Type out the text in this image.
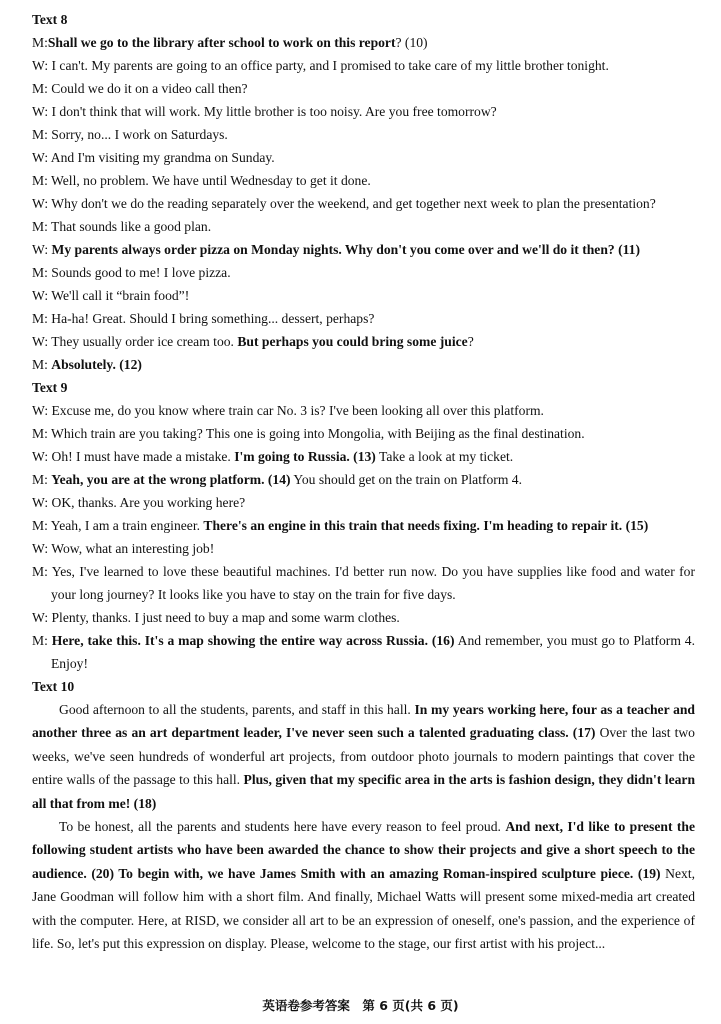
Text 8
M:Shall we go to the library after school to work on this report? (10)
W: I can't. My parents are going to an office party, and I promised to take care of my little brother tonight.
M: Could we do it on a video call then?
W: I don't think that will work. My little brother is too noisy. Are you free tomorrow?
M: Sorry, no... I work on Saturdays.
W: And I'm visiting my grandma on Sunday.
M: Well, no problem. We have until Wednesday to get it done.
W: Why don't we do the reading separately over the weekend, and get together next week to plan the presentation?
M: That sounds like a good plan.
W: My parents always order pizza on Monday nights. Why don't you come over and we'll do it then? (11)
M: Sounds good to me! I love pizza.
W: We'll call it “brain food”!
M: Ha-ha! Great. Should I bring something... dessert, perhaps?
W: They usually order ice cream too. But perhaps you could bring some juice?
M: Absolutely. (12)
Text 9
W: Excuse me, do you know where train car No. 3 is? I've been looking all over this platform.
M: Which train are you taking? This one is going into Mongolia, with Beijing as the final destination.
W: Oh! I must have made a mistake. I'm going to Russia. (13) Take a look at my ticket.
M: Yeah, you are at the wrong platform. (14) You should get on the train on Platform 4.
W: OK, thanks. Are you working here?
M: Yeah, I am a train engineer. There's an engine in this train that needs fixing. I'm heading to repair it. (15)
W: Wow, what an interesting job!
M: Yes, I've learned to love these beautiful machines. I'd better run now. Do you have supplies like food and water for your long journey? It looks like you have to stay on the train for five days.
W: Plenty, thanks. I just need to buy a map and some warm clothes.
M: Here, take this. It's a map showing the entire way across Russia. (16) And remember, you must go to Platform 4. Enjoy!
Text 10
Good afternoon to all the students, parents, and staff in this hall. In my years working here, four as a teacher and another three as an art department leader, I've never seen such a talented graduating class. (17) Over the last two weeks, we've seen hundreds of wonderful art projects, from outdoor photo journals to modern paintings that cover the entire walls of the passage to this hall. Plus, given that my specific area in the arts is fashion design, they didn't learn all that from me! (18)
To be honest, all the parents and students here have every reason to feel proud. And next, I'd like to present the following student artists who have been awarded the chance to show their projects and give a short speech to the audience. (20) To begin with, we have James Smith with an amazing Roman-inspired sculpture piece. (19) Next, Jane Goodman will follow him with a short film. And finally, Michael Watts will present some mixed-media art created with the computer. Here, at RISD, we consider all art to be an expression of oneself, one's passion, and the experience of life. So, let's put this expression on display. Please, welcome to the stage, our first artist with his project...
英语卷参考答案　第 6 页(共 6 页)
